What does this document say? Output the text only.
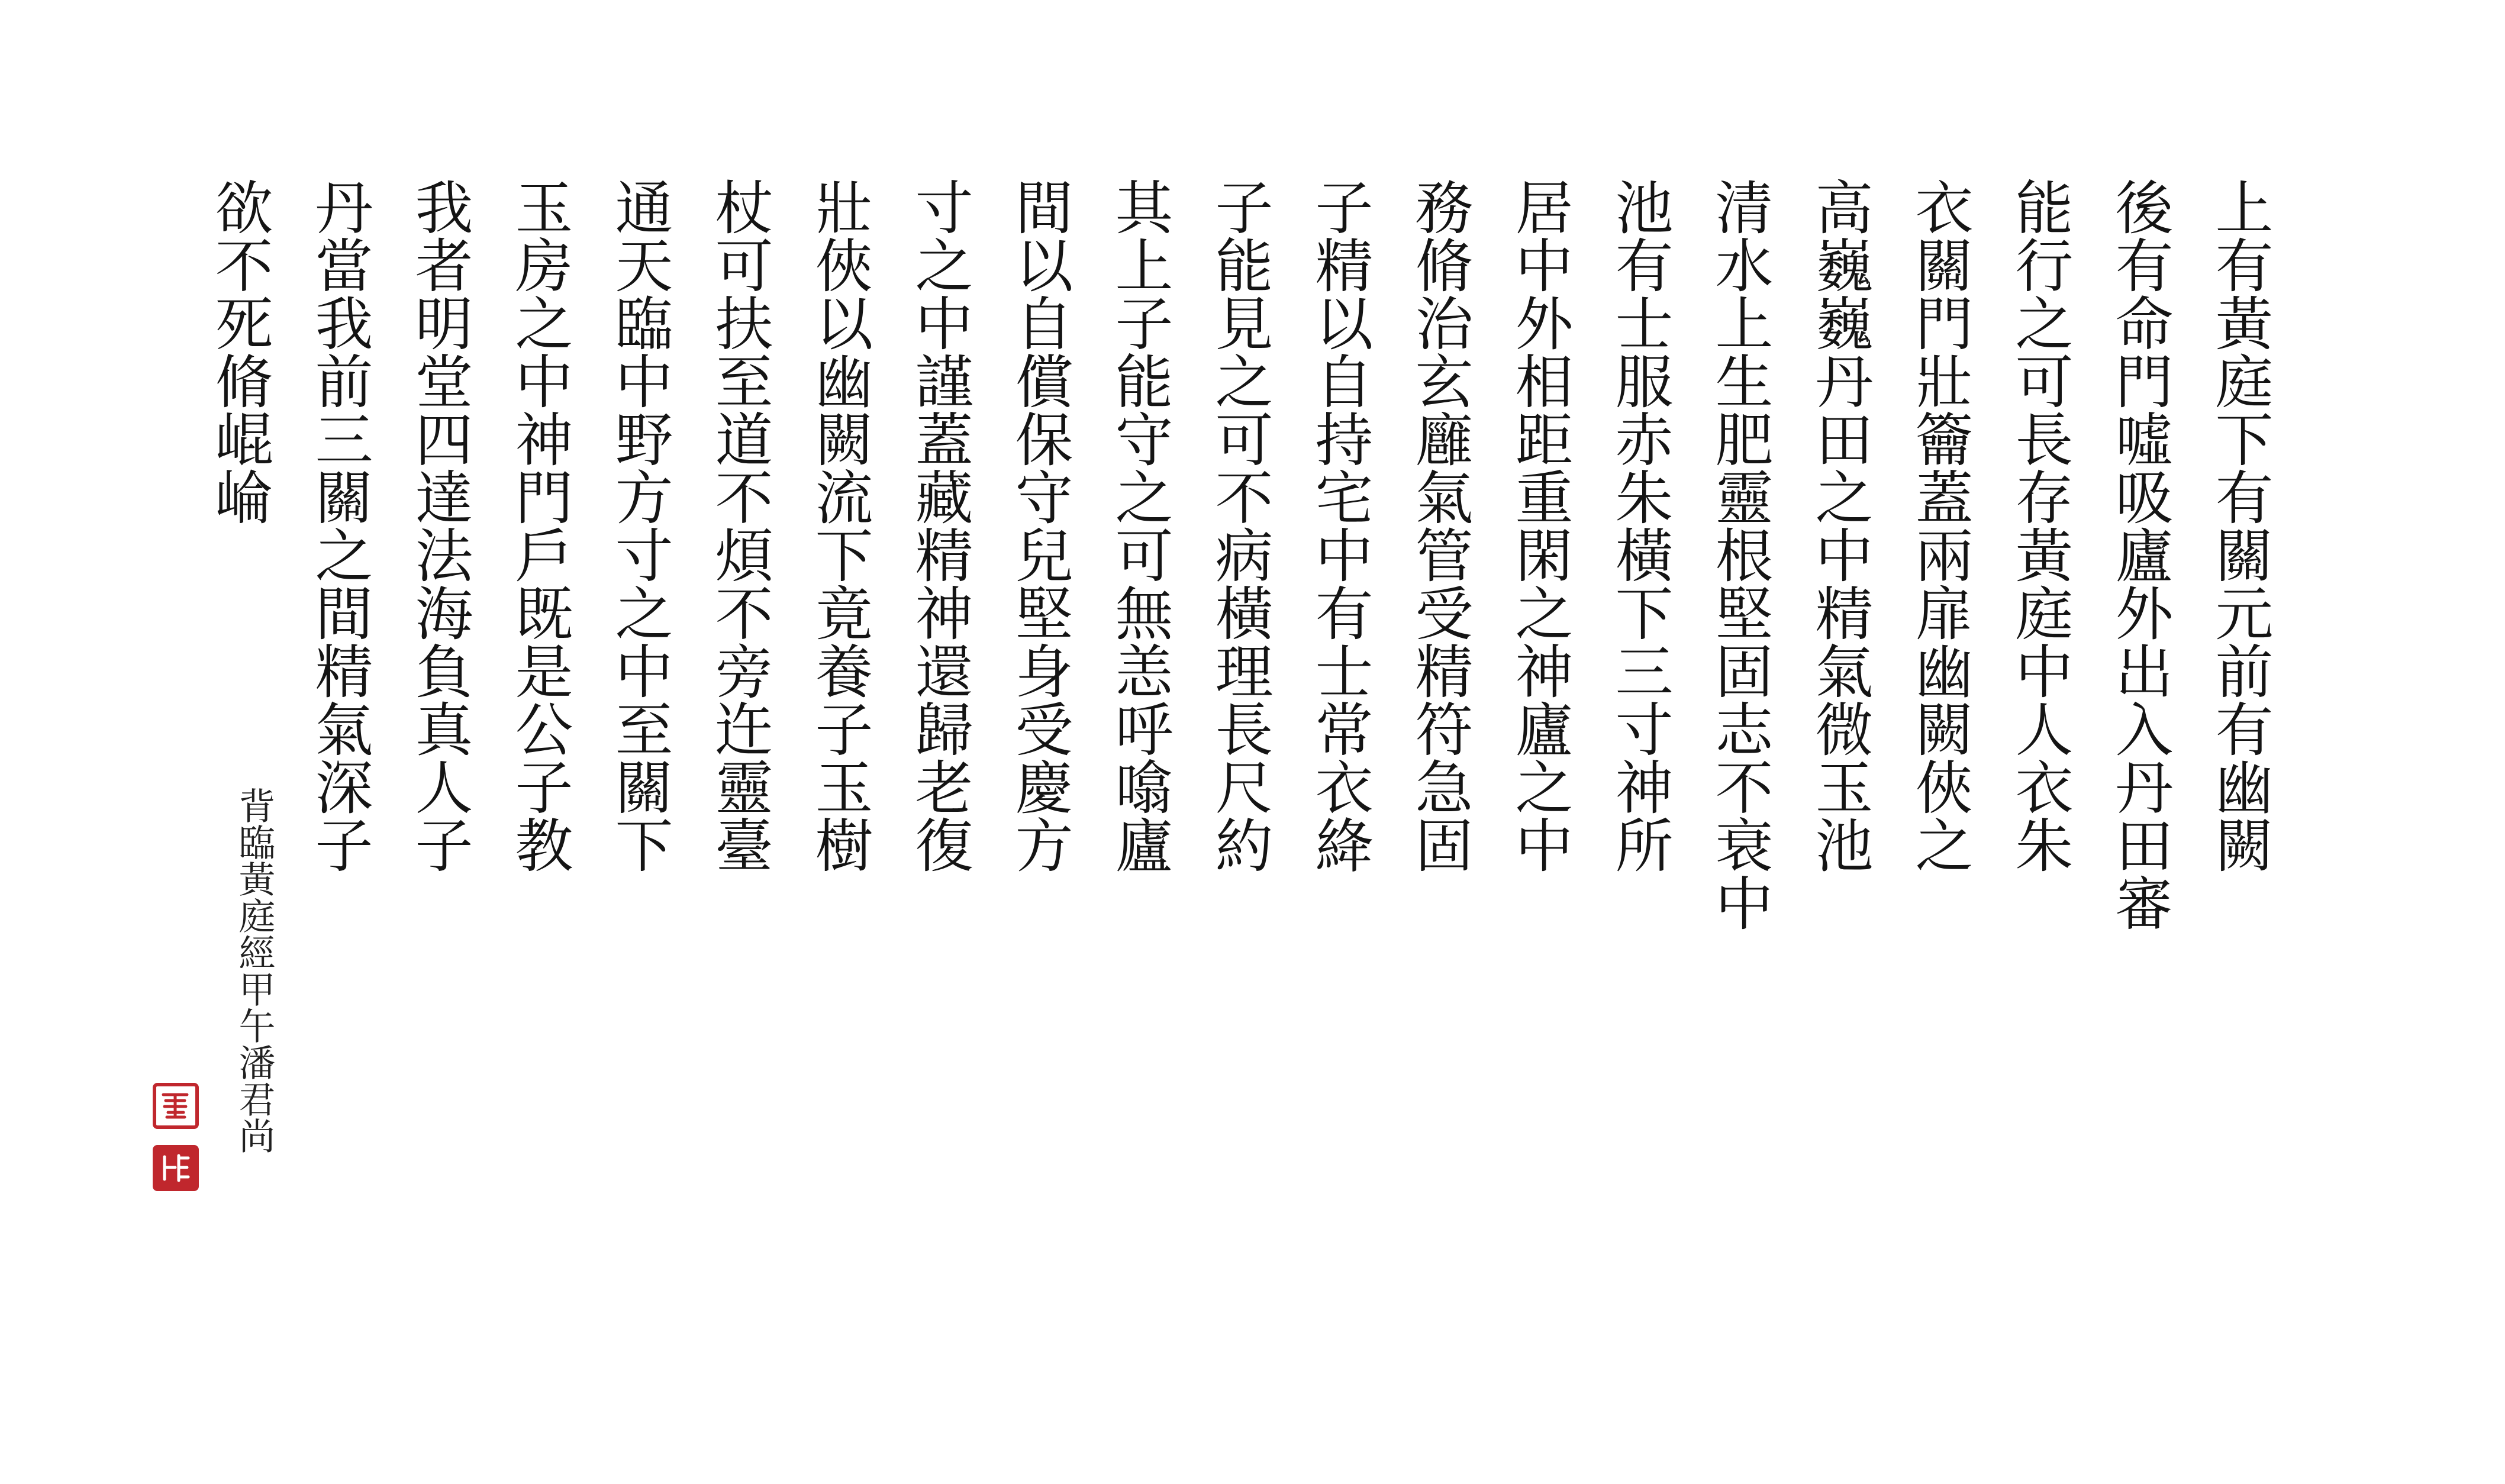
上有黃庭下有關元前有幽闕
後有命門噓吸廬外出入丹田審
能行之可長存黃庭中人衣朱
衣關門壯籥蓋兩扉幽闕俠之
高巍巍丹田之中精氣微玉池
清水上生肥靈根堅固志不衰中
池有士服赤朱橫下三寸神所
居中外相距重閑之神廬之中
務脩治玄廱氣管受精符急固
子精以自持宅中有士常衣絳
子能見之可不病橫理長尺約
其上子能守之可無恙呼噏廬
間以自償保守兒堅身受慶方
寸之中謹蓋藏精神還歸老復
壯俠以幽闕流下竟養子玉樹
杖可扶至道不煩不旁迕靈臺
通天臨中野方寸之中至關下
玉房之中神門戶既是公子教
我者明堂四達法海負真人子
丹當我前三關之間精氣深子
欲不死脩崐崘
背臨黃庭經甲午潘君尚
